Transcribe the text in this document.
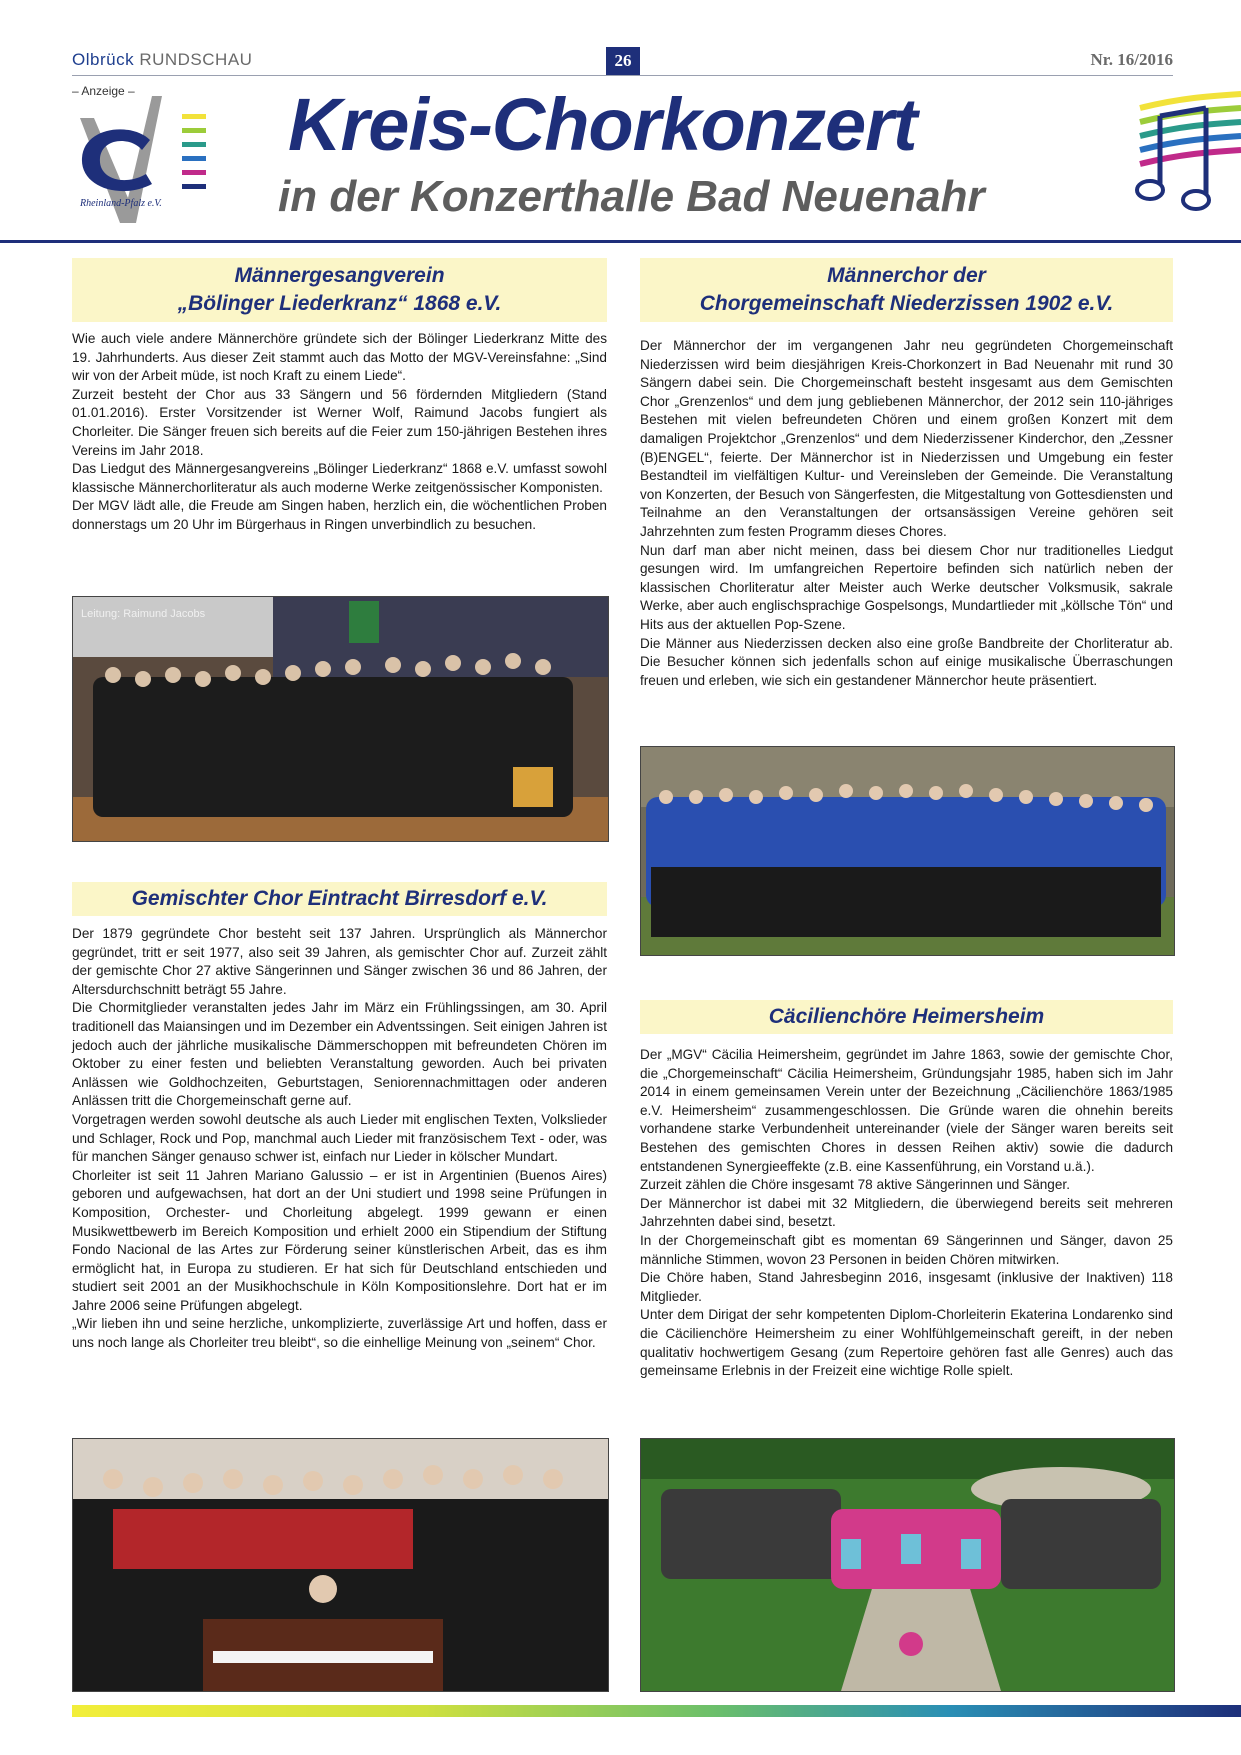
Olbrück RUNDSCHAU	26	Nr. 16/2016
– Anzeige –
Rheinland-Pfalz e.V.
Kreis-Chorkonzert
in der Konzerthalle Bad Neuenahr
Männergesangverein
„Bölinger Liederkranz“ 1868 e.V.

Wie auch viele andere Männerchöre gründete sich der Bölinger Liederkranz Mitte des 19. Jahrhunderts. Aus dieser Zeit stammt auch das Motto der MGV-Vereinsfahne: „Sind wir von der Arbeit müde, ist noch Kraft zu einem Liede“.

Zurzeit besteht der Chor aus 33 Sängern und 56 fördernden Mitgliedern (Stand 01.01.2016). Erster Vorsitzender ist Werner Wolf, Raimund Jacobs fungiert als Chorleiter. Die Sänger freuen sich bereits auf die Feier zum 150-jährigen Bestehen ihres Vereins im Jahr 2018.

Das Liedgut des Männergesangvereins „Bölinger Liederkranz“ 1868 e.V. umfasst sowohl klassische Männerchorliteratur als auch moderne Werke zeitgenössischer Komponisten.

Der MGV lädt alle, die Freude am Singen haben, herzlich ein, die wöchentlichen Proben donnerstags um 20 Uhr im Bürgerhaus in Ringen unverbindlich zu besuchen.

Leitung: Raimund Jacobs
Männerchor der
Chorgemeinschaft Niederzissen 1902 e.V.

Der Männerchor der im vergangenen Jahr neu gegründeten Chorgemeinschaft Niederzissen wird beim diesjährigen Kreis-Chorkonzert in Bad Neuenahr mit rund 30 Sängern dabei sein. Die Chorgemeinschaft besteht insgesamt aus dem Gemischten Chor „Grenzenlos“ und dem jung gebliebenen Männerchor, der 2012 sein 110-jähriges Bestehen mit vielen befreundeten Chören und einem großen Konzert mit dem damaligen Projektchor „Grenzenlos“ und dem Niederzissener Kinderchor, den „Zessner (B)ENGEL“, feierte. Der Männerchor ist in Niederzissen und Umgebung ein fester Bestandteil im vielfältigen Kultur- und Vereinsleben der Gemeinde. Die Veranstaltung von Konzerten, der Besuch von Sängerfesten, die Mitgestaltung von Gottesdiensten und Teilnahme an den Veranstaltungen der ortsansässigen Vereine gehören seit Jahrzehnten zum festen Programm dieses Chores.

Nun darf man aber nicht meinen, dass bei diesem Chor nur traditionelles Liedgut gesungen wird. Im umfangreichen Repertoire befinden sich natürlich neben der klassischen Chorliteratur alter Meister auch Werke deutscher Volksmusik, sakrale Werke, aber auch englischsprachige Gospelsongs, Mundartlieder mit „köllsche Tön“ und Hits aus der aktuellen Pop-Szene.

Die Männer aus Niederzissen decken also eine große Bandbreite der Chorliteratur ab. Die Besucher können sich jedenfalls schon auf einige musikalische Überraschungen freuen und erleben, wie sich ein gestandener Männerchor heute präsentiert.

Gemischter Chor Eintracht Birresdorf e.V.

Der 1879 gegründete Chor besteht seit 137 Jahren. Ursprünglich als Männerchor gegründet, tritt er seit 1977, also seit 39 Jahren, als gemischter Chor auf. Zurzeit zählt der gemischte Chor 27 aktive Sängerinnen und Sänger zwischen 36 und 86 Jahren, der Altersdurchschnitt beträgt 55 Jahre.

Die Chormitglieder veranstalten jedes Jahr im März ein Frühlingssingen, am 30. April traditionell das Maiansingen und im Dezember ein Adventssingen. Seit einigen Jahren ist jedoch auch der jährliche musikalische Dämmerschoppen mit befreundeten Chören im Oktober zu einer festen und beliebten Veranstaltung geworden. Auch bei privaten Anlässen wie Goldhochzeiten, Geburtstagen, Seniorennachmittagen oder anderen Anlässen tritt die Chorgemeinschaft gerne auf.

Vorgetragen werden sowohl deutsche als auch Lieder mit englischen Texten, Volkslieder und Schlager, Rock und Pop, manchmal auch Lieder mit französischem Text - oder, was für manchen Sänger genauso schwer ist, einfach nur Lieder in kölscher Mundart.

Chorleiter ist seit 11 Jahren Mariano Galussio – er ist in Argentinien (Buenos Aires) geboren und aufgewachsen, hat dort an der Uni studiert und 1998 seine Prüfungen in Komposition, Orchester- und Chorleitung abgelegt. 1999 gewann er einen Musikwettbewerb im Bereich Komposition und erhielt 2000 ein Stipendium der Stiftung Fondo Nacional de las Artes zur Förderung seiner künstlerischen Arbeit, das es ihm ermöglicht hat, in Europa zu studieren. Er hat sich für Deutschland entschieden und studiert seit 2001 an der Musikhochschule in Köln Kompositionslehre. Dort hat er im Jahre 2006 seine Prüfungen abgelegt.

„Wir lieben ihn und seine herzliche, unkomplizierte, zuverlässige Art und hoffen, dass er uns noch lange als Chorleiter treu bleibt“, so die einhellige Meinung von „seinem“ Chor.

Cäcilienchöre Heimersheim

Der „MGV“ Cäcilia Heimersheim, gegründet im Jahre 1863, sowie der gemischte Chor, die „Chorgemeinschaft“ Cäcilia Heimersheim, Gründungsjahr 1985, haben sich im Jahr 2014 in einem gemeinsamen Verein unter der Bezeichnung „Cäcilienchöre 1863/1985 e.V. Heimersheim“ zusammengeschlossen. Die Gründe waren die ohnehin bereits vorhandene starke Verbundenheit untereinander (viele der Sänger waren bereits seit Bestehen des gemischten Chores in dessen Reihen aktiv) sowie die dadurch entstandenen Synergieeffekte (z.B. eine Kassenführung, ein Vorstand u.ä.).

Zurzeit zählen die Chöre insgesamt 78 aktive Sängerinnen und Sänger.

Der Männerchor ist dabei mit 32 Mitgliedern, die überwiegend bereits seit mehreren Jahrzehnten dabei sind, besetzt.

In der Chorgemeinschaft gibt es momentan 69 Sängerinnen und Sänger, davon 25 männliche Stimmen, wovon 23 Personen in beiden Chören mitwirken.

Die Chöre haben, Stand Jahresbeginn 2016, insgesamt (inklusive der Inaktiven) 118 Mitglieder.

Unter dem Dirigat der sehr kompetenten Diplom-Chorleiterin Ekaterina Londarenko sind die Cäcilienchöre Heimersheim zu einer Wohlfühlgemeinschaft gereift, in der neben qualitativ hochwertigem Gesang (zum Repertoire gehören fast alle Genres) auch das gemeinsame Erlebnis in der Freizeit eine wichtige Rolle spielt.
